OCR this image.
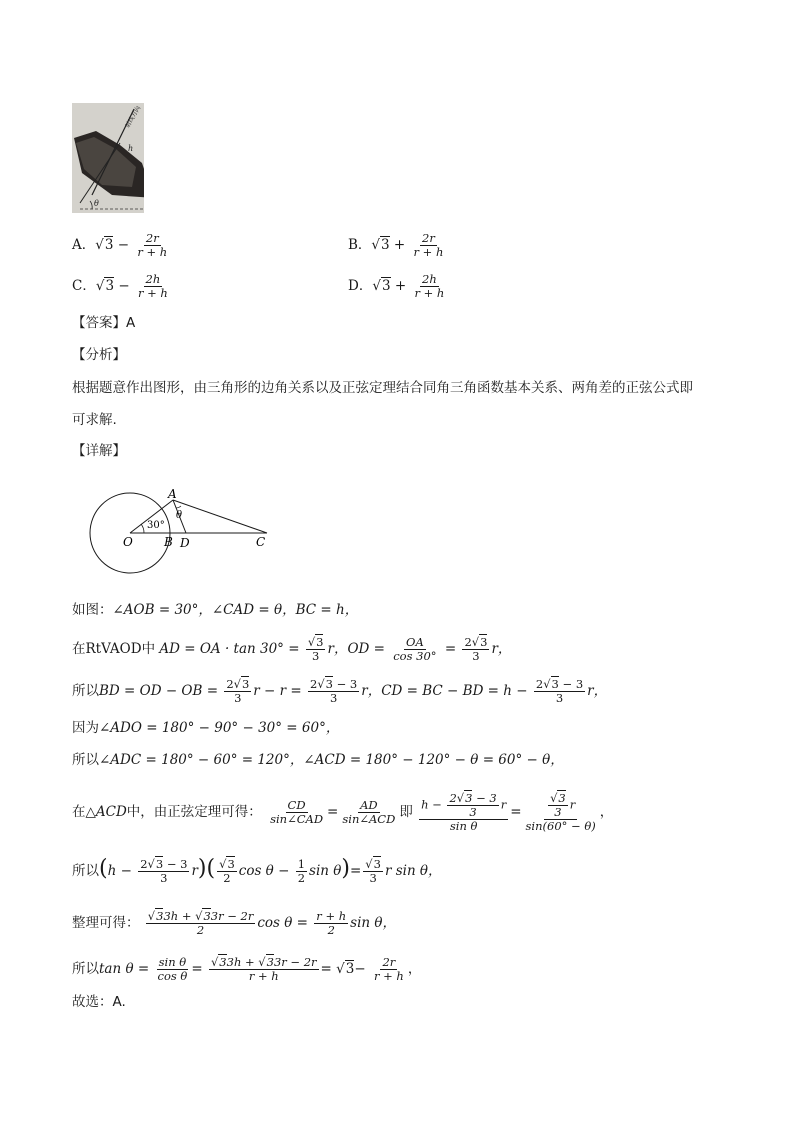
θ
h
射线方向
A．$√3 - \frac{2r}{r + h}$	B．$√3 + \frac{2r}{r + h}$
C．$√3 - \frac{2h}{r + h}$	D．$√3 + \frac{2h}{r + h}$
【答案】A
【分析】
根据题意作出图形，由三角形的边角关系以及正弦定理结合同角三角函数基本关系、两角差的正弦公式即
可求解.
【详解】
A
O	B D	C
30°
θ
如图：∠AOB = 30°，∠CAD = θ，BC = h，
在RtVAOD中 AD = OA · $\tan 30^\circ = \frac{√3}{3}$ r，OD = $\frac{OA}{\cos 30^\circ} = \frac{2√3}{3}$ r，
所以BD = OD − OB = $\frac{2√3}{3}$ $r - r = \frac{2√3 - 3}{3}$ r，CD = BC − BD = $h - \frac{2√3 - 3}{3}$ r，
因为∠ADO = 180° − 90° − 30° = 60°，
所以∠ADC = 180° − 60° = 120°，∠ACD = 180° − 120° − θ = 60° − θ，
在△ACD中，由正弦定理可得： $\frac{CD}{\text{sin∠CAD}} = \frac{AD}{\text{sin∠ACD}}$ 即 $\frac{h - \frac{2√3 - 3}{3} r}{\text{sin θ}} = \frac{\frac{√3}{3} r}{\sin(60^\circ - \theta)}$ ，
所以$(h - \frac{2√3 - 3}{3} r)( \frac{√3}{2}$ $\cos \theta - \frac{1}{2}$ $\sin \theta)= \frac{√3}{3}$ r sin θ，
整理可得： $\frac{√33h + √33r - 2r}{2}$ $\cos \theta = \frac{r + h}{2}$ sin θ，
所以$\tan \theta = \frac{\text{sin θ}}{\text{cos θ}} = \frac{√33h + √33r - 2r}{r + h} = √3- \frac{2r}{r + h}$ ，
故选：A.
